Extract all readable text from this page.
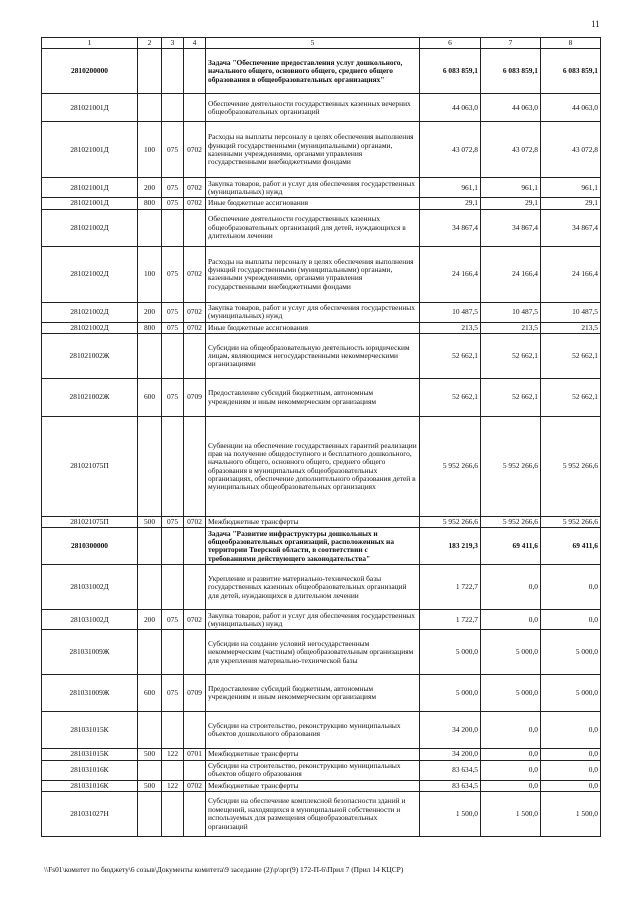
11
1	2	3	4	5	6	7	8
2810200000				Задача "Обеспечение предоставления услуг дошкольного, начального общего, основного общего, среднего общего образования в общеобразовательных организациях"	6 083 859,1	6 083 859,1	6 083 859,1
281021001Д				Обеспечение деятельности государственных казенных вечерних общеобразовательных организаций	44 063,0	44 063,0	44 063,0
281021001Д	100	075	0702	Расходы на выплаты персоналу в целях обеспечения выполнения функций государственными (муниципальными) органами, казенными учреждениями, органами управления государственными внебюджетными фондами	43 072,8	43 072,8	43 072,8
281021001Д	200	075	0702	Закупка товаров, работ и услуг для обеспечения государственных (муниципальных) нужд	961,1	961,1	961,1
281021001Д	800	075	0702	Иные бюджетные ассигнования	29,1	29,1	29,1
281021002Д				Обеспечение деятельности государственных казенных общеобразовательных организаций для детей, нуждающихся в длительном лечении	34 867,4	34 867,4	34 867,4
281021002Д	100	075	0702	Расходы на выплаты персоналу в целях обеспечения выполнения функций государственными (муниципальными) органами, казенными учреждениями, органами управления государственными внебюджетными фондами	24 166,4	24 166,4	24 166,4
281021002Д	200	075	0702	Закупка товаров, работ и услуг для обеспечения государственных (муниципальных) нужд	10 487,5	10 487,5	10 487,5
281021002Д	800	075	0702	Иные бюджетные ассигнования	213,5	213,5	213,5
281021002Ж				Субсидии на общеобразовательную деятельность юридическим лицам, являющимся негосударственными некоммерческими организациями	52 662,1	52 662,1	52 662,1
281021002Ж	600	075	0709	Предоставление субсидий бюджетным, автономным учреждениям и иным некоммерческим организациям	52 662,1	52 662,1	52 662,1
281021075П				Субвенции на обеспечение государственных гарантий реализации прав на получение общедоступного и бесплатного дошкольного, начального общего, основного общего, среднего общего образования в муниципальных общеобразовательных организациях, обеспечение дополнительного образования детей в муниципальных общеобразовательных организациях	5 952 266,6	5 952 266,6	5 952 266,6
281021075П	500	075	0702	Межбюджетные трансферты	5 952 266,6	5 952 266,6	5 952 266,6
2810300000				Задача "Развитие инфраструктуры дошкольных и общеобразовательных организаций, расположенных на территории Тверской области, в соответствии с требованиями действующего законодательства"	183 219,3	69 411,6	69 411,6
281031002Д				Укрепление и развитие материально-технической базы государственных казенных общеобразовательных организаций для детей, нуждающихся в длительном лечении	1 722,7	0,0	0,0
281031002Д	200	075	0702	Закупка товаров, работ и услуг для обеспечения государственных (муниципальных) нужд	1 722,7	0,0	0,0
281031009Ж				Субсидии на создание условий негосударственным некоммерческим (частным) общеобразовательным организациям для укрепления материально-технической базы	5 000,0	5 000,0	5 000,0
281031009Ж	600	075	0709	Предоставление субсидий бюджетным, автономным учреждениям и иным некоммерческим организациям	5 000,0	5 000,0	5 000,0
281031015К				Субсидии на строительство, реконструкцию муниципальных объектов дошкольного образования	34 200,0	0,0	0,0
281031015К	500	122	0701	Межбюджетные трансферты	34 200,0	0,0	0,0
281031016К				Субсидии на строительство, реконструкцию муниципальных объектов общего образования	83 634,5	0,0	0,0
281031016К	500	122	0702	Межбюджетные трансферты	83 634,5	0,0	0,0
281031027Н				Субсидии на обеспечение комплексной безопасности зданий и помещений, находящихся в муниципальной собственности и используемых для размещения общеобразовательных организаций	1 500,0	1 500,0	1 500,0
\\Fs01\комитет по бюджету\6 созыв\Документы комитета\9 заседание (2)\р\зрг(9) 172-П-6\Прил 7 (Прил 14 КЦСР)
